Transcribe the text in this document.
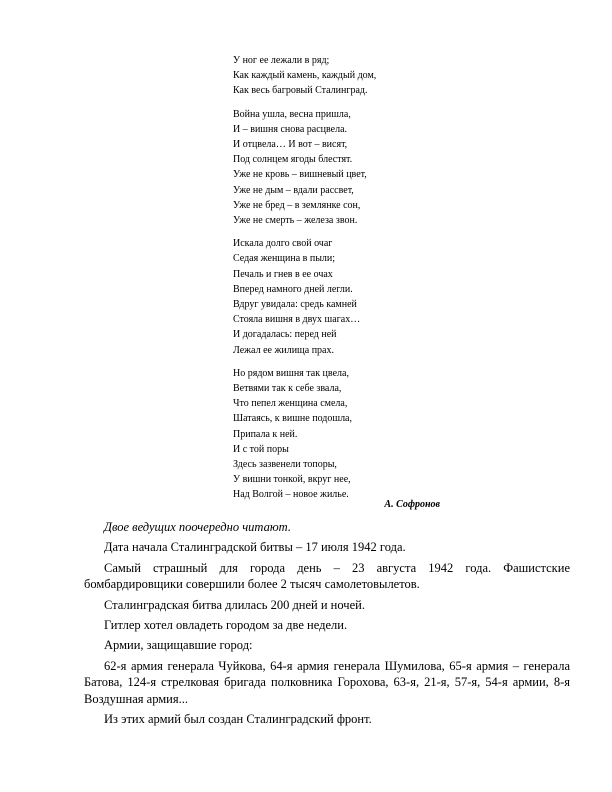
У ног ее лежали в ряд;
Как каждый камень, каждый дом,
Как весь багровый Сталинград.
Война ушла, весна пришла,
И – вишня снова расцвела.
И отцвела… И вот – висят,
Под солнцем ягоды блестят.
Уже не кровь – вишневый цвет,
Уже не дым – вдали рассвет,
Уже не бред – в землянке сон,
Уже не смерть – железа звон.
Искала долго свой очаг
Седая женщина в пыли;
Печаль и гнев в ее очах
Вперед намного дней легли.
Вдруг увидала: средь камней
Стояла вишня в двух шагах…
И догадалась: перед ней
Лежал ее жилища прах.
Но рядом вишня так цвела,
Ветвями так к себе звала,
Что пепел женщина смела,
Шатаясь, к вишне подошла,
Припала к ней.
И с той поры
Здесь зазвенели топоры,
У вишни тонкой, вкруг нее,
Над Волгой – новое жилье.
А. Софронов

Двое ведущих поочередно читают.

Дата начала Сталинградской битвы – 17 июля 1942 года.

Самый страшный для города день – 23 августа 1942 года. Фашистские бомбардировщики совершили более 2 тысяч самолетовылетов.

Сталинградская битва длилась 200 дней и ночей.

Гитлер хотел овладеть городом за две недели.

Армии, защищавшие город:

62-я армия генерала Чуйкова, 64-я армия генерала Шумилова, 65-я армия – генерала Батова, 124-я стрелковая бригада полковника Горохова, 63-я, 21-я, 57-я, 54-я армии, 8-я Воздушная армия...

Из этих армий был создан Сталинградский фронт.
